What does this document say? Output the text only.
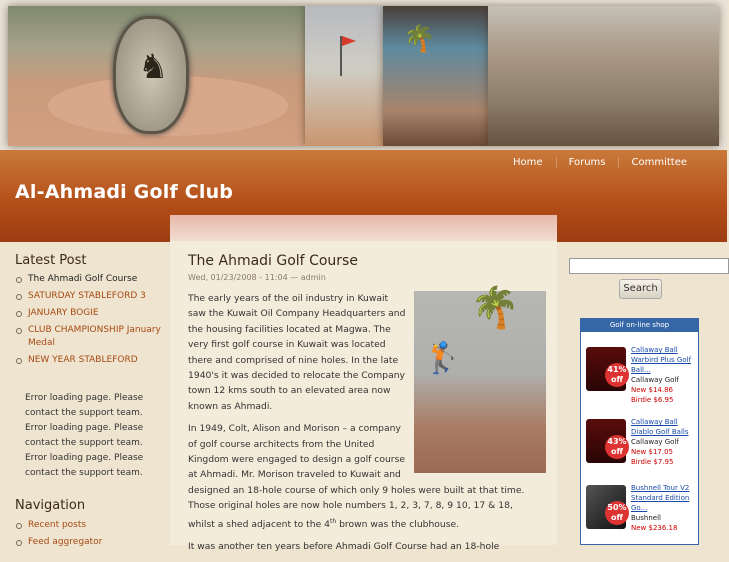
♞
🌴
Home	Forums	Committee
Al-Ahmadi Golf Club
The Ahmadi Golf Course
Wed, 01/23/2008 - 11:04 — admin
🌴
🏌

The early years of the oil industry in Kuwait saw the Kuwait Oil Company Headquarters and the housing facilities located at Magwa. The very first golf course in Kuwait was located there and comprised of nine holes. In the late 1940's it was decided to relocate the Company town 12 kms south to an elevated area now known as Ahmadi.

In 1949, Colt, Alison and Morison – a company of golf course architects from the United Kingdom were engaged to design a golf course at Ahmadi. Mr. Morison traveled to Kuwait and designed an 18-hole course of which only 9 holes were built at that time. Those original holes are now hole numbers 1, 2, 3, 7, 8, 9 10, 17 & 18, whilst a shed adjacent to the 4th brown was the clubhouse.

It was another ten years before Ahmadi Golf Course had an 18-hole

Latest Post
The Ahmadi Golf Course
SATURDAY STABLEFORD 3
JANUARY BOGIE
CLUB CHAMPIONSHIP January Medal
NEW YEAR STABLEFORD
Error loading page. Please contact the support team.
Error loading page. Please contact the support team.
Error loading page. Please contact the support team.
Navigation
Recent posts
Feed aggregator
Search
Golf on-line shop
41%
off
Callaway Ball Warbird Plus Golf Ball...
Callaway Golf
New $14.86
Birdie $6.95
43%
off
Callaway Ball Diablo Golf Balls
Callaway Golf
New $17.05
Birdie $7.95
50%
off
Bushnell Tour V2 Standard Edition Go...
Bushnell
New $236.18
